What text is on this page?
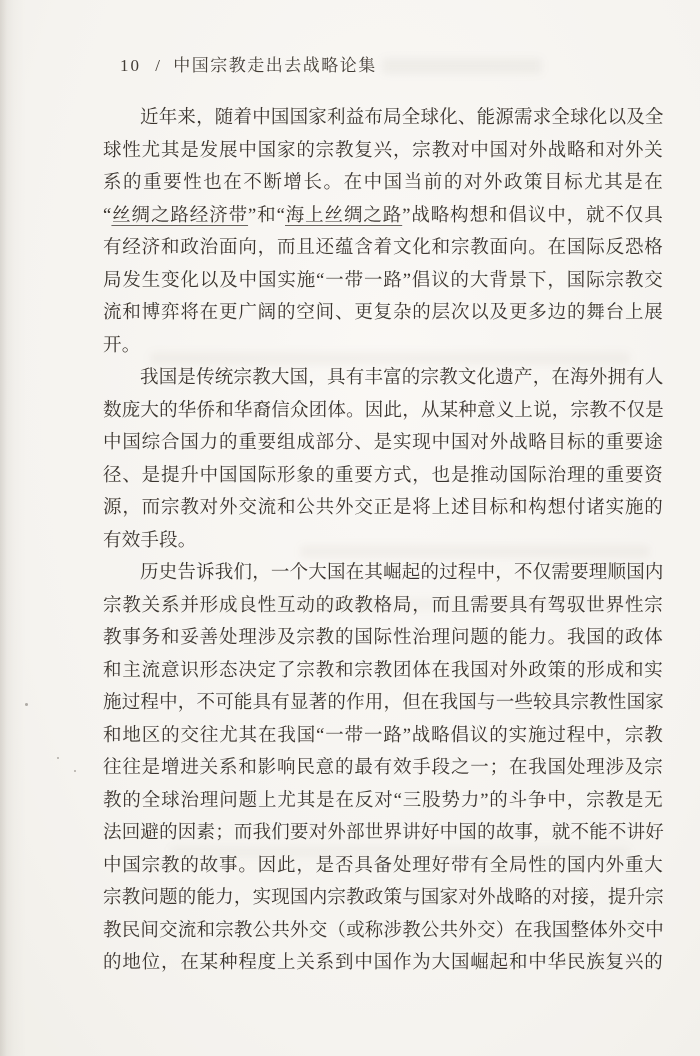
10 / 中国宗教走出去战略论集

近年来，随着中国国家利益布局全球化、能源需求全球化以及全
球性尤其是发展中国家的宗教复兴，宗教对中国对外战略和对外关
系的重要性也在不断增长。在中国当前的对外政策目标尤其是在
“丝绸之路经济带”和“海上丝绸之路”战略构想和倡议中，就不仅具
有经济和政治面向，而且还蕴含着文化和宗教面向。在国际反恐格
局发生变化以及中国实施“一带一路”倡议的大背景下，国际宗教交
流和博弈将在更广阔的空间、更复杂的层次以及更多边的舞台上展
开。

我国是传统宗教大国，具有丰富的宗教文化遗产，在海外拥有人
数庞大的华侨和华裔信众团体。因此，从某种意义上说，宗教不仅是
中国综合国力的重要组成部分、是实现中国对外战略目标的重要途
径、是提升中国国际形象的重要方式，也是推动国际治理的重要资
源，而宗教对外交流和公共外交正是将上述目标和构想付诸实施的
有效手段。

历史告诉我们，一个大国在其崛起的过程中，不仅需要理顺国内
宗教关系并形成良性互动的政教格局，而且需要具有驾驭世界性宗
教事务和妥善处理涉及宗教的国际性治理问题的能力。我国的政体
和主流意识形态决定了宗教和宗教团体在我国对外政策的形成和实
施过程中，不可能具有显著的作用，但在我国与一些较具宗教性国家
和地区的交往尤其在我国“一带一路”战略倡议的实施过程中，宗教
往往是增进关系和影响民意的最有效手段之一；在我国处理涉及宗
教的全球治理问题上尤其是在反对“三股势力”的斗争中，宗教是无
法回避的因素；而我们要对外部世界讲好中国的故事，就不能不讲好
中国宗教的故事。因此，是否具备处理好带有全局性的国内外重大
宗教问题的能力，实现国内宗教政策与国家对外战略的对接，提升宗
教民间交流和宗教公共外交（或称涉教公共外交）在我国整体外交中
的地位，在某种程度上关系到中国作为大国崛起和中华民族复兴的
